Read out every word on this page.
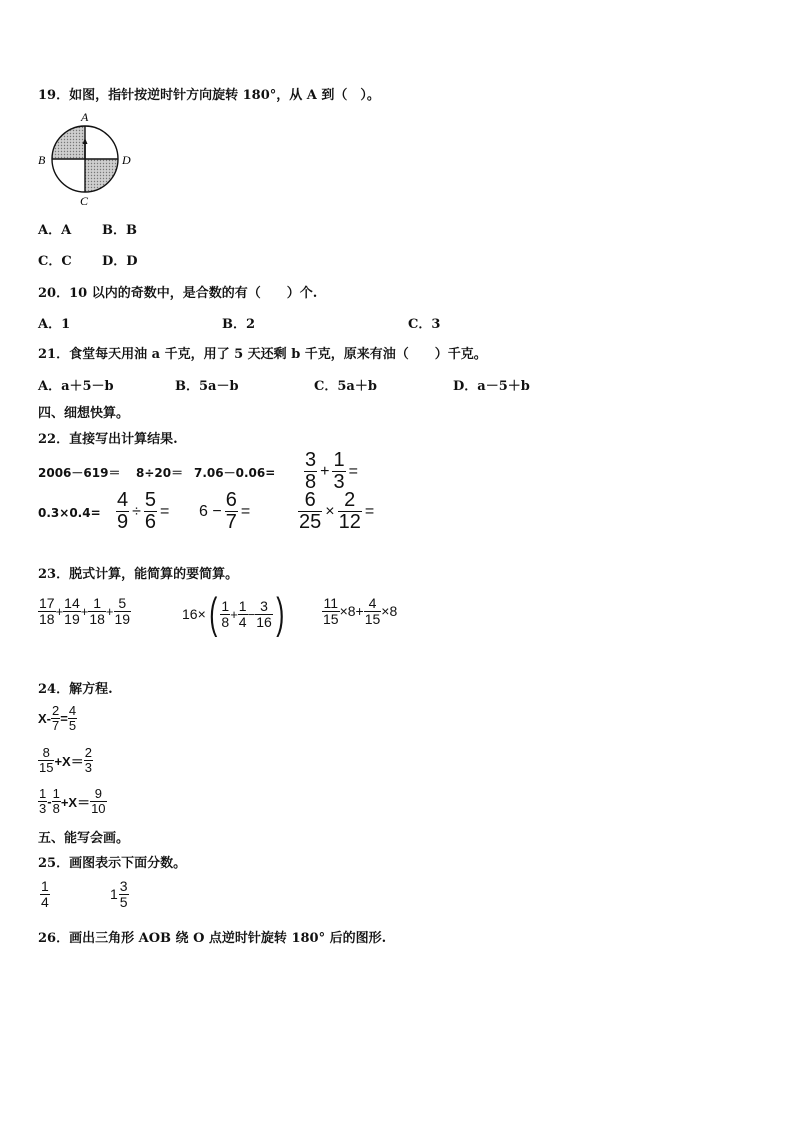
19．如图，指针按逆时针方向旋转 180°，从 A 到（　）。
A
B	D
C
A．A B．B
C．C D．D
20．10 以内的奇数中，是合数的有（　　）个.
A．1	B．2	C．3
21．食堂每天用油 a 千克，用了 5 天还剩 b 千克，原来有油（　　）千克。
A．a＋5－b	B．5a－b	C．5a＋b	D．a－5＋b
四、细想快算。
22．直接写出计算结果.
$2006-619= 8\div 20= 7.06-0.06= \frac{3}{8} + \frac{1}{3}$ =
$0.3\times 0.4= \frac{4}{9} \div \frac{5}{6} = 6 - \frac{6}{7} = \frac{6}{25} \times \frac{2}{12}$ =
23．脱式计算，能简算的要简算。
$\frac{17}{18} + \frac{14}{19} + \frac{1}{18} + \frac{5}{19}$	16× ( $\frac{1}{8} + \frac{1}{4} - \frac{3}{16}$ )	$\frac{11}{15} \times 8+ \frac{4}{15} \times 8$
24．解方程.
$X- \frac{2}{7} = \frac{4}{5}$
$\frac{8}{15} +X= \frac{2}{3}$
$\frac{1}{3} - \frac{1}{8} +X= \frac{9}{10}$
五、能写会画。
25．画图表示下面分数。
$\frac{1}{4}$	$1 \frac{3}{5}$
26．画出三角形 AOB 绕 O 点逆时针旋转 180° 后的图形.
